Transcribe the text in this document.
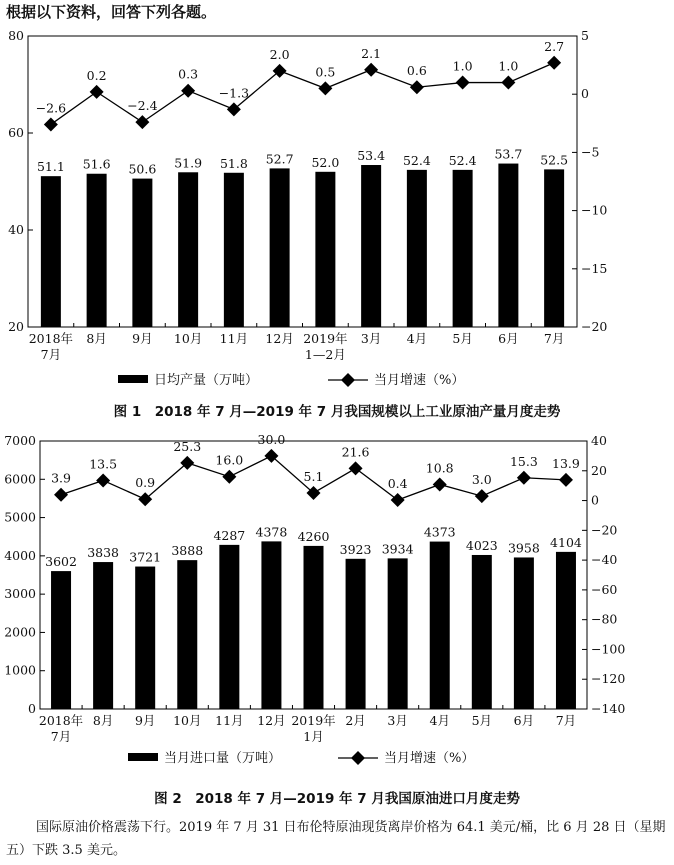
根据以下资料，回答下列各题。
20
40
60
80
−20
−15
−10
−5
0
5
51.1
2018年
7月
51.6
8月
50.6
9月
51.9
10月
51.8
11月
52.7
12月
52.0
2019年
1—2月
53.4
3月
52.4
4月
52.4
5月
53.7
6月
52.5
7月
−2.6
0.2
−2.4
0.3
−1.3
2.0
0.5
2.1
0.6 1.0 1.0
2.7
日均产量（万吨）	当月增速（%）
图 1　2018 年 7 月—2019 年 7 月我国规模以上工业原油产量月度走势
0
1000
2000
3000
4000
5000
6000
7000
−140
−120
−100
−80
−60
−40
−20
0
20
40
3602
2018年
7月
3838
8月
3721
9月
3888
10月
4287
11月
4378
12月
4260
2019年
1月
3923
2月
3934
3月
4373
4月
4023
5月
3958
6月
4104
7月
3.9
13.5
0.9
25.3
16.0
30.0
5.1
21.6
0.4
10.8
3.0
15.3 13.9
当月进口量（万吨）	当月增速（%）
图 2　2018 年 7 月—2019 年 7 月我国原油进口月度走势
国际原油价格震荡下行。2019 年 7 月 31 日布伦特原油现货离岸价格为 64.1 美元/桶，比 6 月 28 日（星期五）下跌 3.5 美元。
